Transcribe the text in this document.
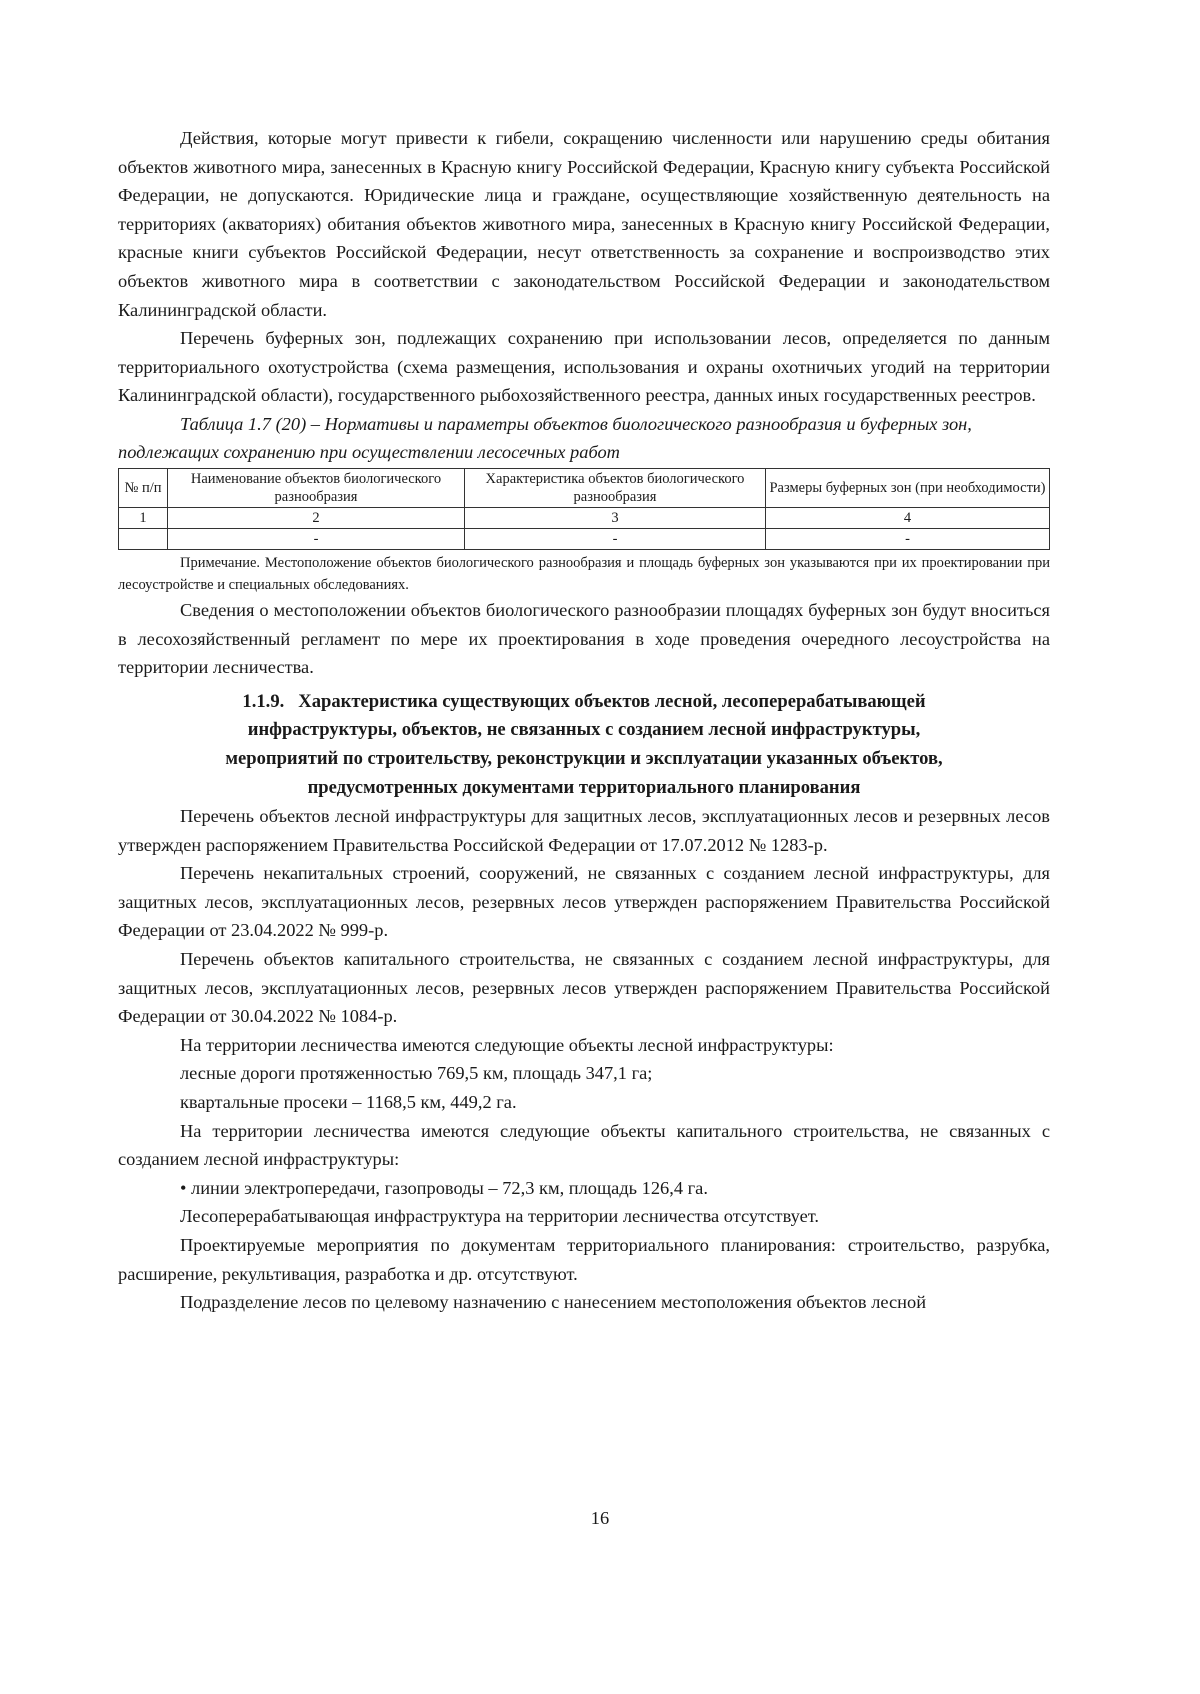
Действия, которые могут привести к гибели, сокращению численности или нарушению среды обитания объектов животного мира, занесенных в Красную книгу Российской Федерации, Красную книгу субъекта Российской Федерации, не допускаются. Юридические лица и граждане, осуществляющие хозяйственную деятельность на территориях (акваториях) обитания объектов животного мира, занесенных в Красную книгу Российской Федерации, красные книги субъектов Российской Федерации, несут ответственность за сохранение и воспроизводство этих объектов животного мира в соответствии с законодательством Российской Федерации и законодательством Калининградской области.

Перечень буферных зон, подлежащих сохранению при использовании лесов, определяется по данным территориального охотустройства (схема размещения, использования и охраны охотничьих угодий на территории Калининградской области), государственного рыбохозяйственного реестра, данных иных государственных реестров.

Таблица 1.7 (20) – Нормативы и параметры объектов биологического разнообразия и буферных зон, подлежащих сохранению при осуществлении лесосечных работ
№ п/п	Наименование объектов биологического разнообразия	Характеристика объектов биологического разнообразия	Размеры буферных зон (при необходимости)
1	2	3	4
	-	-	-
Примечание. Местоположение объектов биологического разнообразия и площадь буферных зон указываются при их проектировании при лесоустройстве и специальных обследованиях.

Сведения о местоположении объектов биологического разнообразии площадях буферных зон будут вноситься в лесохозяйственный регламент по мере их проектирования в ходе проведения очередного лесоустройства на территории лесничества.

1.1.9. Характеристика существующих объектов лесной, лесоперерабатывающей
инфраструктуры, объектов, не связанных с созданием лесной инфраструктуры,
мероприятий по строительству, реконструкции и эксплуатации указанных объектов,
предусмотренных документами территориального планирования

Перечень объектов лесной инфраструктуры для защитных лесов, эксплуатационных лесов и резервных лесов утвержден распоряжением Правительства Российской Федерации от 17.07.2012 № 1283-р.

Перечень некапитальных строений, сооружений, не связанных с созданием лесной инфраструктуры, для защитных лесов, эксплуатационных лесов, резервных лесов утвержден распоряжением Правительства Российской Федерации от 23.04.2022 № 999-р.

Перечень объектов капитального строительства, не связанных с созданием лесной инфраструктуры, для защитных лесов, эксплуатационных лесов, резервных лесов утвержден распоряжением Правительства Российской Федерации от 30.04.2022 № 1084-р.

На территории лесничества имеются следующие объекты лесной инфраструктуры:

лесные дороги протяженностью 769,5 км, площадь 347,1 га;

квартальные просеки – 1168,5 км, 449,2 га.

На территории лесничества имеются следующие объекты капитального строительства, не связанных с созданием лесной инфраструктуры:

• линии электропередачи, газопроводы – 72,3 км, площадь 126,4 га.

Лесоперерабатывающая инфраструктура на территории лесничества отсутствует.

Проектируемые мероприятия по документам территориального планирования: строительство, разрубка, расширение, рекультивация, разработка и др. отсутствуют.

Подразделение лесов по целевому назначению с нанесением местоположения объектов лесной

16
